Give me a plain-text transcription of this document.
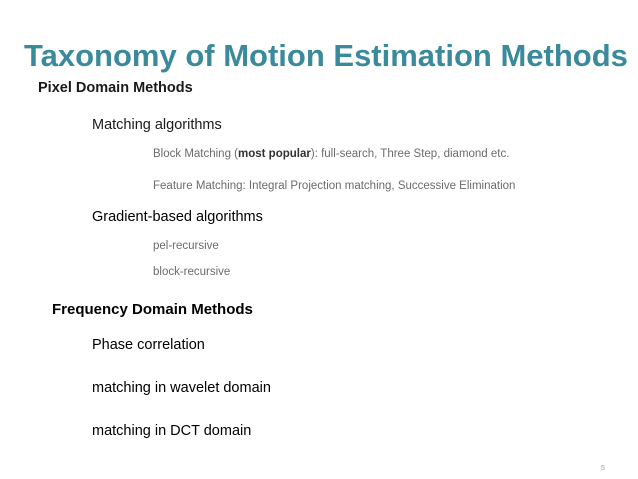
Taxonomy of Motion Estimation Methods
Pixel Domain Methods
Matching algorithms
Block Matching (most popular): full-search, Three Step, diamond etc.
Feature Matching: Integral Projection matching, Successive Elimination
Gradient-based algorithms
pel-recursive
block-recursive
Frequency Domain Methods
Phase correlation
matching in wavelet domain
matching in DCT domain
5
